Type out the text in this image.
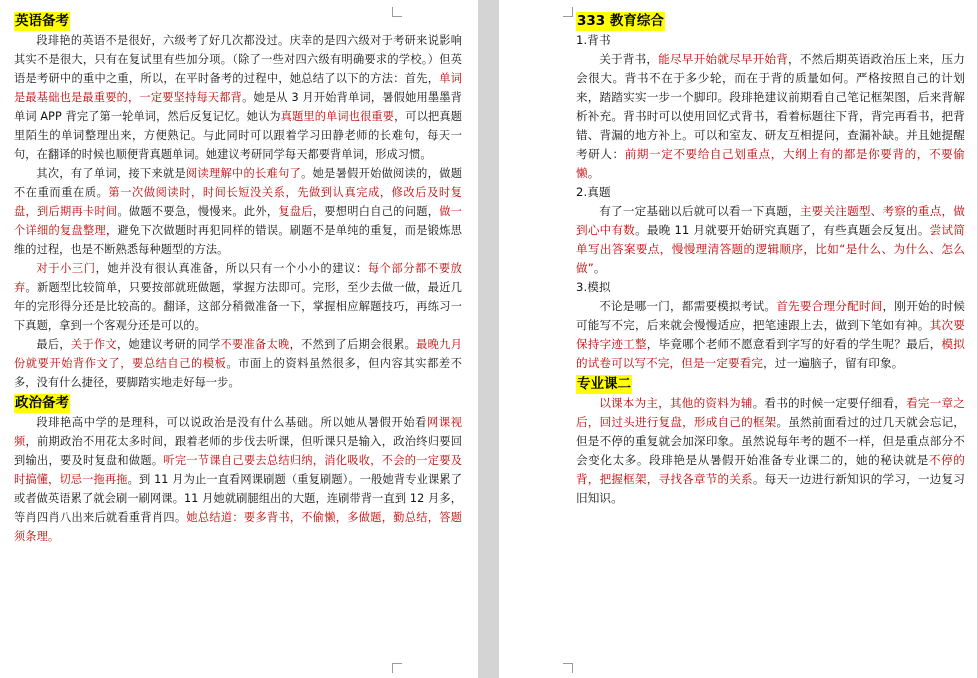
英语备考

段琲艳的英语不是很好，六级考了好几次都没过。庆幸的是四六级对于考研来说影响其实不是很大，只有在复试里有些加分项。（除了一些对四六级有明确要求的学校。）但英语是考研中的重中之重，所以，在平时备考的过程中，她总结了以下的方法：首先，单词是最基础也是最重要的，一定要坚持每天都背。她是从 3 月开始背单词，暑假她用墨墨背单词 APP 背完了第一轮单词，然后反复记忆。她认为真题里的单词也很重要，可以把真题里陌生的单词整理出来，方便熟记。与此同时可以跟着学习田静老师的长难句，每天一句，在翻译的时候也顺便背真题单词。她建议考研同学每天都要背单词，形成习惯。

其次，有了单词，接下来就是阅读理解中的长难句了。她是暑假开始做阅读的，做题不在重而重在质。第一次做阅读时，时间长短没关系，先做到认真完成，修改后及时复盘，到后期再卡时间。做题不要急，慢慢来。此外，复盘后，要想明白自己的问题，做一个详细的复盘整理，避免下次做题时再犯同样的错误。刷题不是单纯的重复，而是锻炼思维的过程，也是不断熟悉每种题型的方法。

对于小三门，她并没有很认真准备，所以只有一个小小的建议：每个部分都不要放弃。新题型比较简单，只要按部就班做题，掌握方法即可。完形，至少去做一做，最近几年的完形得分还是比较高的。翻译，这部分稍微准备一下，掌握相应解题技巧，再练习一下真题，拿到一个客观分还是可以的。

最后，关于作文，她建议考研的同学不要准备太晚，不然到了后期会很累。最晚九月份就要开始背作文了，要总结自己的模板。市面上的资料虽然很多，但内容其实都差不多，没有什么捷径，要脚踏实地走好每一步。

政治备考

段琲艳高中学的是理科，可以说政治是没有什么基础。所以她从暑假开始看网课视频，前期政治不用花太多时间，跟着老师的步伐去听课，但听课只是输入，政治终归要回到输出，要及时复盘和做题。听完一节课自己要去总结归纳，消化吸收，不会的一定要及时搞懂，切忌一拖再拖。到 11 月为止一直看网课刷题（重复刷题）。一般她背专业课累了或者做英语累了就会刷一刷网课。11 月她就刷腿组出的大题，连刷带背一直到 12 月多，等肖四肖八出来后就看重背肖四。她总结道：要多背书，不偷懒，多做题，勤总结，答题须条理。

333 教育综合

1.背书

关于背书，能尽早开始就尽早开始背，不然后期英语政治压上来，压力会很大。背书不在于多少轮，而在于背的质量如何。严格按照自己的计划来，踏踏实实一步一个脚印。段琲艳建议前期看自己笔记框架图，后来背解析补充。背书时可以使用回忆式背书，看着标题往下背，背完再看书，把背错、背漏的地方补上。可以和室友、研友互相提问，查漏补缺。并且她提醒考研人：前期一定不要给自己划重点，大纲上有的都是你要背的，不要偷懒。

2.真题

有了一定基础以后就可以看一下真题，主要关注题型、考察的重点，做到心中有数。最晚 11 月就要开始研究真题了，有些真题会反复出。尝试简单写出答案要点，慢慢理清答题的逻辑顺序，比如“是什么、为什么、怎么做”。

3.模拟

不论是哪一门，都需要模拟考试。首先要合理分配时间，刚开始的时候可能写不完，后来就会慢慢适应，把笔速跟上去，做到下笔如有神。其次要保持字迹工整，毕竟哪个老师不愿意看到字写的好看的学生呢？最后，模拟的试卷可以写不完，但是一定要看完，过一遍脑子，留有印象。

专业课二

以课本为主，其他的资料为辅。看书的时候一定要仔细看，看完一章之后，回过头进行复盘，形成自己的框架。虽然前面看过的过几天就会忘记，但是不停的重复就会加深印象。虽然说每年考的题不一样，但是重点部分不会变化太多。段琲艳是从暑假开始准备专业课二的，她的秘诀就是不停的背，把握框架，寻找各章节的关系。每天一边进行新知识的学习，一边复习旧知识。
